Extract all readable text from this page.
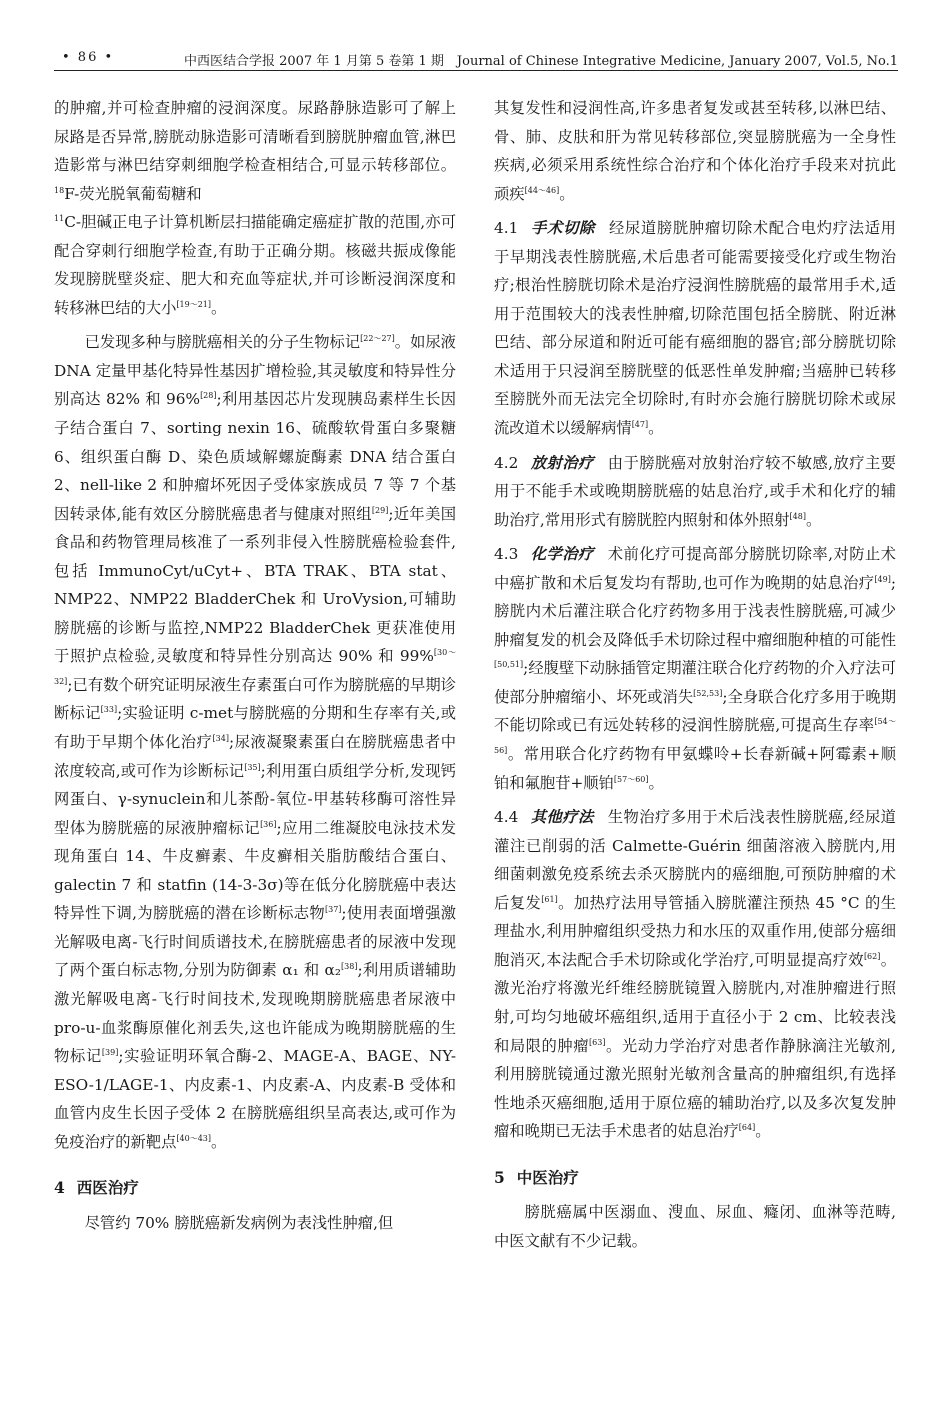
• 86 •	中西医结合学报 2007 年 1 月第 5 卷第 1 期　Journal of Chinese Integrative Medicine, January 2007, Vol.5, No.1

的肿瘤,并可检查肿瘤的浸润深度。尿路静脉造影可了解上尿路是否异常,膀胱动脉造影可清晰看到膀胱肿瘤血管,淋巴造影常与淋巴结穿刺细胞学检查相结合,可显示转移部位。$^{18}$F-荧光脱氧葡萄糖和
$^{11}$C-胆碱正电子计算机断层扫描能确定癌症扩散的范围,亦可配合穿刺行细胞学检查,有助于正确分期。核磁共振成像能发现膀胱壁炎症、肥大和充血等症状,并可诊断浸润深度和转移淋巴结的大小[19～21]。

已发现多种与膀胱癌相关的分子生物标记[22～27]。如尿液 DNA 定量甲基化特异性基因扩增检验,其灵敏度和特异性分别高达 82% 和 96%[28];利用基因芯片发现胰岛素样生长因子结合蛋白 7、sorting nexin 16、硫酸软骨蛋白多聚糖 6、组织蛋白酶 D、染色质域解螺旋酶素 DNA 结合蛋白 2、nell-like 2 和肿瘤坏死因子受体家族成员 7 等 7 个基因转录体,能有效区分膀胱癌患者与健康对照组[29];近年美国食品和药物管理局核准了一系列非侵入性膀胱癌检验套件,包括 ImmunoCyt/uCyt+、BTA TRAK、BTA stat、NMP22、NMP22 BladderChek 和 UroVysion,可辅助膀胱癌的诊断与监控,NMP22 BladderChek 更获准使用于照护点检验,灵敏度和特异性分别高达 90% 和 99%[30～32];已有数个研究证明尿液生存素蛋白可作为膀胱癌的早期诊断标记[33];实验证明 c-met与膀胱癌的分期和生存率有关,或有助于早期个体化治疗[34];尿液凝聚素蛋白在膀胱癌患者中浓度较高,或可作为诊断标记[35];利用蛋白质组学分析,发现钙网蛋白、γ-synuclein和儿茶酚-氧位-甲基转移酶可溶性异型体为膀胱癌的尿液肿瘤标记[36];应用二维凝胶电泳技术发现角蛋白 14、牛皮癣素、牛皮癣相关脂肪酸结合蛋白、galectin 7 和 statfin (14-3-3σ)等在低分化膀胱癌中表达特异性下调,为膀胱癌的潜在诊断标志物[37];使用表面增强激光解吸电离-飞行时间质谱技术,在膀胱癌患者的尿液中发现了两个蛋白标志物,分别为防御素 α₁ 和 α₂[38];利用质谱辅助激光解吸电离-飞行时间技术,发现晚期膀胱癌患者尿液中 pro-u-血浆酶原催化剂丢失,这也许能成为晚期膀胱癌的生物标记[39];实验证明环氧合酶-2、MAGE-A、BAGE、NY-ESO-1/LAGE-1、内皮素-1、内皮素-A、内皮素-B 受体和血管内皮生长因子受体 2 在膀胱癌组织呈高表达,或可作为免疫治疗的新靶点[40～43]。

4 西医治疗

尽管约 70% 膀胱癌新发病例为表浅性肿瘤,但

其复发性和浸润性高,许多患者复发或甚至转移,以淋巴结、骨、肺、皮肤和肝为常见转移部位,突显膀胱癌为一全身性疾病,必须采用系统性综合治疗和个体化治疗手段来对抗此顽疾[44～46]。

4.1 手术切除 经尿道膀胱肿瘤切除术配合电灼疗法适用于早期浅表性膀胱癌,术后患者可能需要接受化疗或生物治疗;根治性膀胱切除术是治疗浸润性膀胱癌的最常用手术,适用于范围较大的浅表性肿瘤,切除范围包括全膀胱、附近淋巴结、部分尿道和附近可能有癌细胞的器官;部分膀胱切除术适用于只浸润至膀胱壁的低恶性单发肿瘤;当癌肿已转移至膀胱外而无法完全切除时,有时亦会施行膀胱切除术或尿流改道术以缓解病情[47]。

4.2 放射治疗 由于膀胱癌对放射治疗较不敏感,放疗主要用于不能手术或晚期膀胱癌的姑息治疗,或手术和化疗的辅助治疗,常用形式有膀胱腔内照射和体外照射[48]。

4.3 化学治疗 术前化疗可提高部分膀胱切除率,对防止术中癌扩散和术后复发均有帮助,也可作为晚期的姑息治疗[49];膀胱内术后灌注联合化疗药物多用于浅表性膀胱癌,可减少肿瘤复发的机会及降低手术切除过程中瘤细胞种植的可能性[50,51];经腹壁下动脉插管定期灌注联合化疗药物的介入疗法可使部分肿瘤缩小、坏死或消失[52,53];全身联合化疗多用于晚期不能切除或已有远处转移的浸润性膀胱癌,可提高生存率[54～56]。常用联合化疗药物有甲氨蝶呤+长春新碱+阿霉素+顺铂和氟胞苷+顺铂[57～60]。

4.4 其他疗法 生物治疗多用于术后浅表性膀胱癌,经尿道灌注已削弱的活 Calmette-Guérin 细菌溶液入膀胱内,用细菌刺激免疫系统去杀灭膀胱内的癌细胞,可预防肿瘤的术后复发[61]。加热疗法用导管插入膀胱灌注预热 45 °C 的生理盐水,利用肿瘤组织受热力和水压的双重作用,使部分癌细胞消灭,本法配合手术切除或化学治疗,可明显提高疗效[62]。激光治疗将激光纤维经膀胱镜置入膀胱内,对准肿瘤进行照射,可均匀地破坏癌组织,适用于直径小于 2 cm、比较表浅和局限的肿瘤[63]。光动力学治疗对患者作静脉滴注光敏剂,利用膀胱镜通过激光照射光敏剂含量高的肿瘤组织,有选择性地杀灭癌细胞,适用于原位癌的辅助治疗,以及多次复发肿瘤和晚期已无法手术患者的姑息治疗[64]。

5 中医治疗

膀胱癌属中医溺血、溲血、尿血、癃闭、血淋等范畴,中医文献有不少记载。
